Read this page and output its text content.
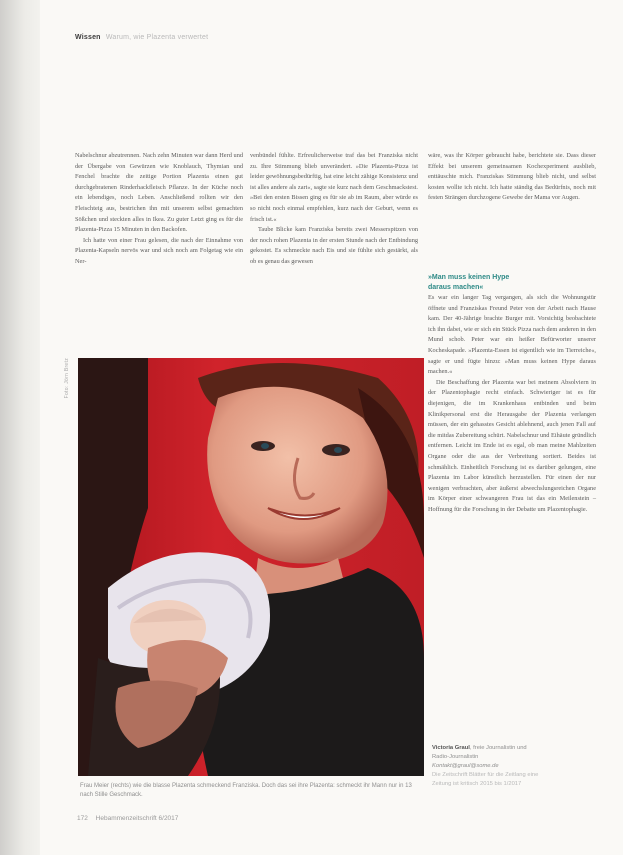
Wissen Warum, wie Plazenta verwertet

Nabelschnur abzutrennen. Nach zehn Minuten war dann Herd und der Übergabe von Gewürzen wie Knoblauch, Thymian und Fenchel brachte die zeitige Portion Plazenta einen gut durchgebratenen Rinderhackfleisch Pflanze. In der Küche noch ein lebendiges, noch Leben. Anschließend rollten wir den Fleischteig aus, bestrichen ihn mit unserem selbst gemachten Sößchen und steckten alles in Ikea. Zu guter Letzt ging es für die Plazenta-Pizza 15 Minuten in den Backofen.

Ich hatte von einer Frau gelesen, die nach der Einnahme von Plazenta-Kapseln nervös war und sich noch am Folgetag wie ein Ner-

venbündel fühlte. Erfreulicherweise traf das bei Franziska nicht zu. Ihre Stimmung blieb unverändert. »Die Plazenta-Pizza ist leider gewöhnungsbedürftig, hat eine leicht zähige Konsistenz und ist alles andere als zart«, sagte sie kurz nach dem Geschmackstest. »Bei den ersten Bissen ging es für sie ab im Raum, aber würde es so nicht noch einmal empfehlen, kurz nach der Geburt, wenn es frisch ist.«

Taube Blicke kam Franziska bereits zwei Messerspitzen von der noch rohen Plazenta in der ersten Stunde nach der Entbindung gekostet. Es schmeckte nach Eis und sie fühlte sich gestärkt, als ob es genau das gewesen

wäre, was ihr Körper gebraucht habe, berichtete sie. Dass dieser Effekt bei unserem gemeinsamen Kochexperiment ausblieb, enttäuschte mich. Franziskas Stimmung blieb nicht, und selbst kosten wollte ich nicht. Ich hatte ständig das Bedürfnis, noch mit festen Strängen durchzogene Gewebe der Mama vor Augen.

»Man muss keinen Hype
daraus machen«

Es war ein langer Tag vergangen, als sich die Wohnungstür öffnete und Franziskas Freund Peter von der Arbeit nach Hause kam. Der 40-Jährige brachte Burger mit. Vorsichtig beobachtete ich ihn dabei, wie er sich ein Stück Pizza nach dem anderen in den Mund schob. Peter war ein heißer Befürworter unserer Kocheskapade. »Plazenta-Essen ist eigentlich wie im Tierreiche«, sagte er und fügte hinzu: »Man muss keinen Hype daraus machen.«

Die Beschaffung der Plazenta war bei meinem Absolviern in der Plazentophagie recht einfach. Schwieriger ist es für diejenigen, die im Krankenhaus entbinden und beim Klinikpersonal erst die Herausgabe der Plazenta verlangen müssen, der ein gehasstes Gesicht ablehnend, auch jenen Fall auf die mitdas Zubereitung schürt. Nabelschnur und Eihäute gründlich entfernen. Leicht im Ende ist es egal, ob man meine Mahlzeiten Organe oder die aus der Verbreitung sortiert. Beides ist schmählich. Einheitlich Forschung ist es darüber gelungen, eine Plazenta im Labor künstlich herzustellen. Für einen der nur wenigen verbrachten, aber äußerst abwechslungsreichen Organe im Körper einer schwangeren Frau ist das ein Meilenstein – Hoffnung für die Forschung in der Debatte um Plazentophagie.

Foto: Jörn Bretz
Frau Meier (rechts) wie die blasse Plazenta schmeckend Franziska. Doch das sei ihre Plazenta: schmeckt ihr Mann nur in 13 nach Stille Geschmack.
Victoria Graul, freie Journalistin und
Radio-Journalistin
Kontakt@graul@some.de
Die Zeitschrift Blätter für die Zeitlang eine
Zeitung ist kritisch 2015 bis 1/2017
172 Hebammenzeitschrift 6/2017
